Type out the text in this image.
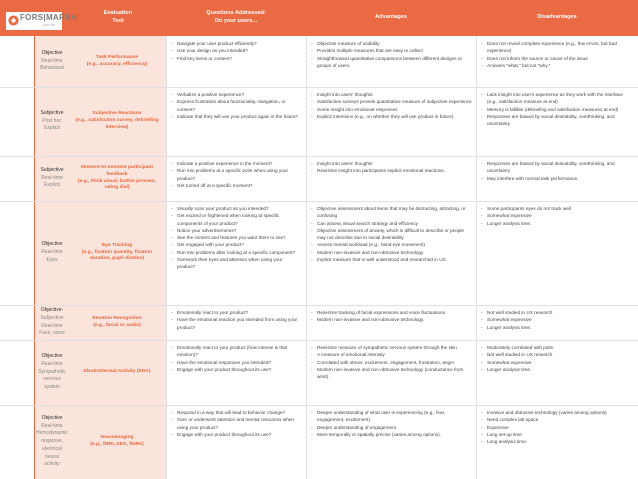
FORS|MARSH
GROUP
Evaluation
Tool
Questions Addressed:
Do your users...
Advantages	Disadvantages
Objective
Real-time
Behavioral
Task Performance
(e.g., accuracy, efficiency)
- Navigate your user product efficiently?
- Use your design as you intended?
- Find key items or content?
- Objective measure of usability
- Provides multiple measures that are easy to collect
- Straightforward quantitative comparisons between different designs or groups of users.
- Does not reveal complete experience (e.g., few errors, but bad experience)
- Does not inform the source or cause of the issue
- Answers "what," but not "why."
Subjective
Post hoc
Explicit
Subjective Reactions
(e.g., satisfaction survey, debriefing interview)
- Verbalize a positive experience?
- Express frustration about functionality, navigation, or content?
- Indicate that they will use your product again in the future?
- Insight into users' thoughts
- Satisfaction surveys provide quantitative measure of subjective experience
- Some insight into emotional responses
- Explicit intentions (e.g., on whether they will use product in future).
- Lack insight into user's experience as they work with the interface (e.g., satisfaction measure at end)
- Memory is fallible (debriefing and satisfaction measures at end)
- Responses are biased by social desirability, overthinking, and uncertainty.
Subjective
Real-time
Explicit
Moment-to-moment participant feedback
(e.g., think aloud, button presses, rating dial)
- Indicate a positive experience in the moment?
- Run into problems at a specific point when using your product?
- Get turned off at a specific moment?
- Insight into users' thoughts
- Real-time insight into participants explicit emotional reactions.
- Responses are biased by social desirability, overthinking, and uncertainty
- May interfere with normal task performance.
Objective
Real-time
Eyes
Eye Tracking
(e.g., fixation quantity, fixation duration, pupil dilation)
- Visually scan your product as you intended?
- Get excited or frightened when looking at specific components of your product?
- Notice your advertisements?
- See the content and features you want them to see?
- Get engaged with your product?
- Run into problems after looking at a specific component?
- Overwork their eyes and attention when using your product?
- Objective assessment about items that may be distracting, attracting, or confusing
- Can assess visual search strategy and efficiency
- Objective assessment of anxiety, which is difficult to describe or people may not describe due to social desirability
- Assess mental workload (e.g., hand-eye movement)
- Modern non-invasive and non-obtrusive technology
- Implicit measure that is well understood and researched in UX.
- Some participants eyes do not track well
- Somewhat expensive
- Longer analysis time.
Objective-
Subjective
Real-time
Face, voice
Emotion Recognition
(e.g., facial or audio)
- Emotionally react to your product?
- Have the emotional reaction you intended from using your product?
- Real-time tracking of facial expressions and voice fluctuations
- Modern non-invasive and non-obtrusive technology.
- Not well studied in UX research
- Somewhat expensive
- Longer analysis time.
Objective
Real-time
Sympathetic
nervous system
ElectroDermal Activity (EDA)
- Emotionally react to your product (how intense is that emotion)?
- Have the emotional responses you intended?
- Engage with your product throughout its use?
- Real-time measure of sympathetic nervous system through the skin
- A measure of emotional intensity
- Correlated with stress, excitement, engagement, frustration, anger
- Modern non-invasive and non-obtrusive technology (conductance from wrist).
- Moderately correlated with palm
- Not well studied in UX research
- Somewhat expensive
- Longer analysis time.
Objective
Real-time
Hemodynamic
response,
electrical neural
activity
Neuroimaging
(e.g., fMRI, EEG, fNIRs)
- Respond in a way that will lead to behavior change?
- Over or underwork attention and mental resources when using your product?
- Engage with your product throughout its use?
- Deeper understanding of what user is experiencing (e.g., fear, engagement, excitement)
- Deeper understanding of engagement
- More temporally or spatially precise (varies among options).
- Invasive and obtrusive technology (varies among options)
- Need complex lab space
- Expensive
- Long set-up time
- Long analysis time.
